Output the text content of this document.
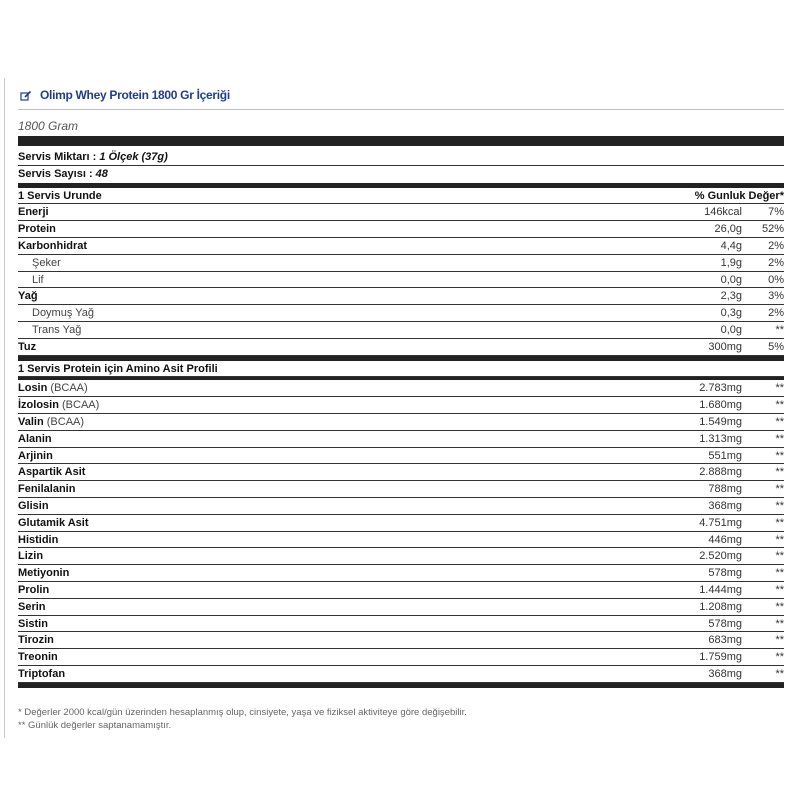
Olimp Whey Protein 1800 Gr İçeriği
1800 Gram
Servis Miktarı : 1 Ölçek (37g)
Servis Sayısı : 48
1 Servis Urunde	% Gunluk Değer*
Enerji	146kcal 7%
Protein	26,0g 52%
Karbonhidrat	4,4g 2%
Şeker	1,9g 2%
Lif	0,0g 0%
Yağ	2,3g 3%
Doymuş Yağ	0,3g 2%
Trans Yağ	0,0g	**
Tuz	300mg 5%
1 Servis Protein için Amino Asit Profili
Losin (BCAA)	2.783mg	**
İzolosin (BCAA)	1.680mg	**
Valin (BCAA)	1.549mg	**
Alanin	1.313mg	**
Arjinin	551mg	**
Aspartik Asit	2.888mg	**
Fenilalanin	788mg	**
Glisin	368mg	**
Glutamik Asit	4.751mg	**
Histidin	446mg	**
Lizin	2.520mg	**
Metiyonin	578mg	**
Prolin	1.444mg	**
Serin	1.208mg	**
Sistin	578mg	**
Tirozin	683mg	**
Treonin	1.759mg	**
Triptofan	368mg	**
* Değerler 2000 kcal/gün üzerinden hesaplanmış olup, cinsiyete, yaşa ve fiziksel aktiviteye göre değişebilir.
** Günlük değerler saptanamamıştır.
